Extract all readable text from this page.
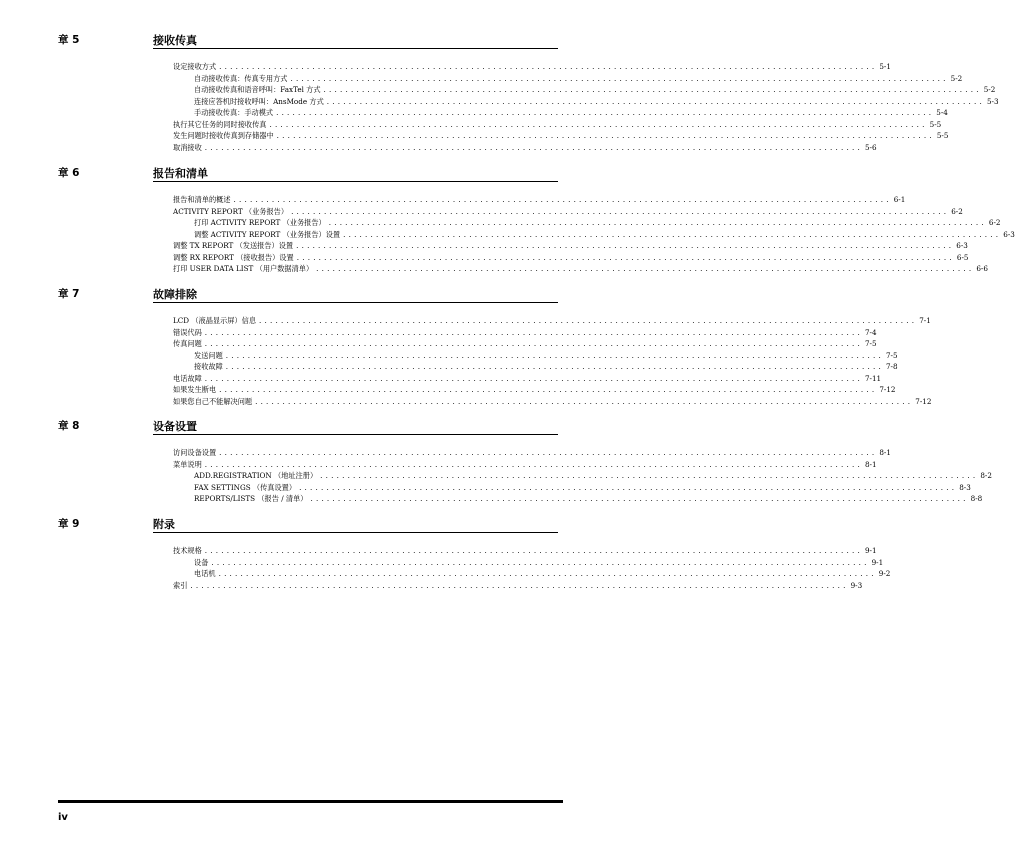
章 5	接收传真
设定接收方式 ........................................................................................................................ 5-1
自动接收传真：传真专用方式 ........................................................................................................................ 5-2
自动接收传真和语音呼叫：FaxTel 方式 ........................................................................................................................ 5-2
连接应答机时接收呼叫：AnsMode 方式 ........................................................................................................................ 5-3
手动接收传真：手动模式 ........................................................................................................................ 5-4
执行其它任务的同时接收传真 ........................................................................................................................ 5-5
发生问题时接收传真到存储器中 ........................................................................................................................ 5-5
取消接收 ........................................................................................................................ 5-6
章 6	报告和清单
报告和清单的概述 ........................................................................................................................ 6-1
ACTIVITY REPORT （业务报告） ........................................................................................................................ 6-2
打印 ACTIVITY REPORT （业务报告） ........................................................................................................................ 6-2
调整 ACTIVITY REPORT （业务报告）设置 ........................................................................................................................ 6-3
调整 TX REPORT （发送报告）设置 ........................................................................................................................ 6-3
调整 RX REPORT （接收报告）设置 ........................................................................................................................ 6-5
打印 USER DATA LIST （用户数据清单） ........................................................................................................................ 6-6
章 7	故障排除
LCD （液晶显示屏）信息 ........................................................................................................................ 7-1
错误代码 ........................................................................................................................ 7-4
传真问题 ........................................................................................................................ 7-5
发送问题 ........................................................................................................................ 7-5
接收故障 ........................................................................................................................ 7-8
电话故障 ........................................................................................................................ 7-11
如果发生断电 ........................................................................................................................ 7-12
如果您自己不能解决问题 ........................................................................................................................ 7-12
章 8	设备设置
访问设备设置 ........................................................................................................................ 8-1
菜单说明 ........................................................................................................................ 8-1
ADD.REGISTRATION （地址注册） ........................................................................................................................ 8-2
FAX SETTINGS （传真设置） ........................................................................................................................ 8-3
REPORTS/LISTS （报告 / 清单） ........................................................................................................................ 8-8
章 9	附录
技术规格 ........................................................................................................................ 9-1
设备 ........................................................................................................................ 9-1
电话机 ........................................................................................................................ 9-2
索引 ........................................................................................................................ 9-3
iv
